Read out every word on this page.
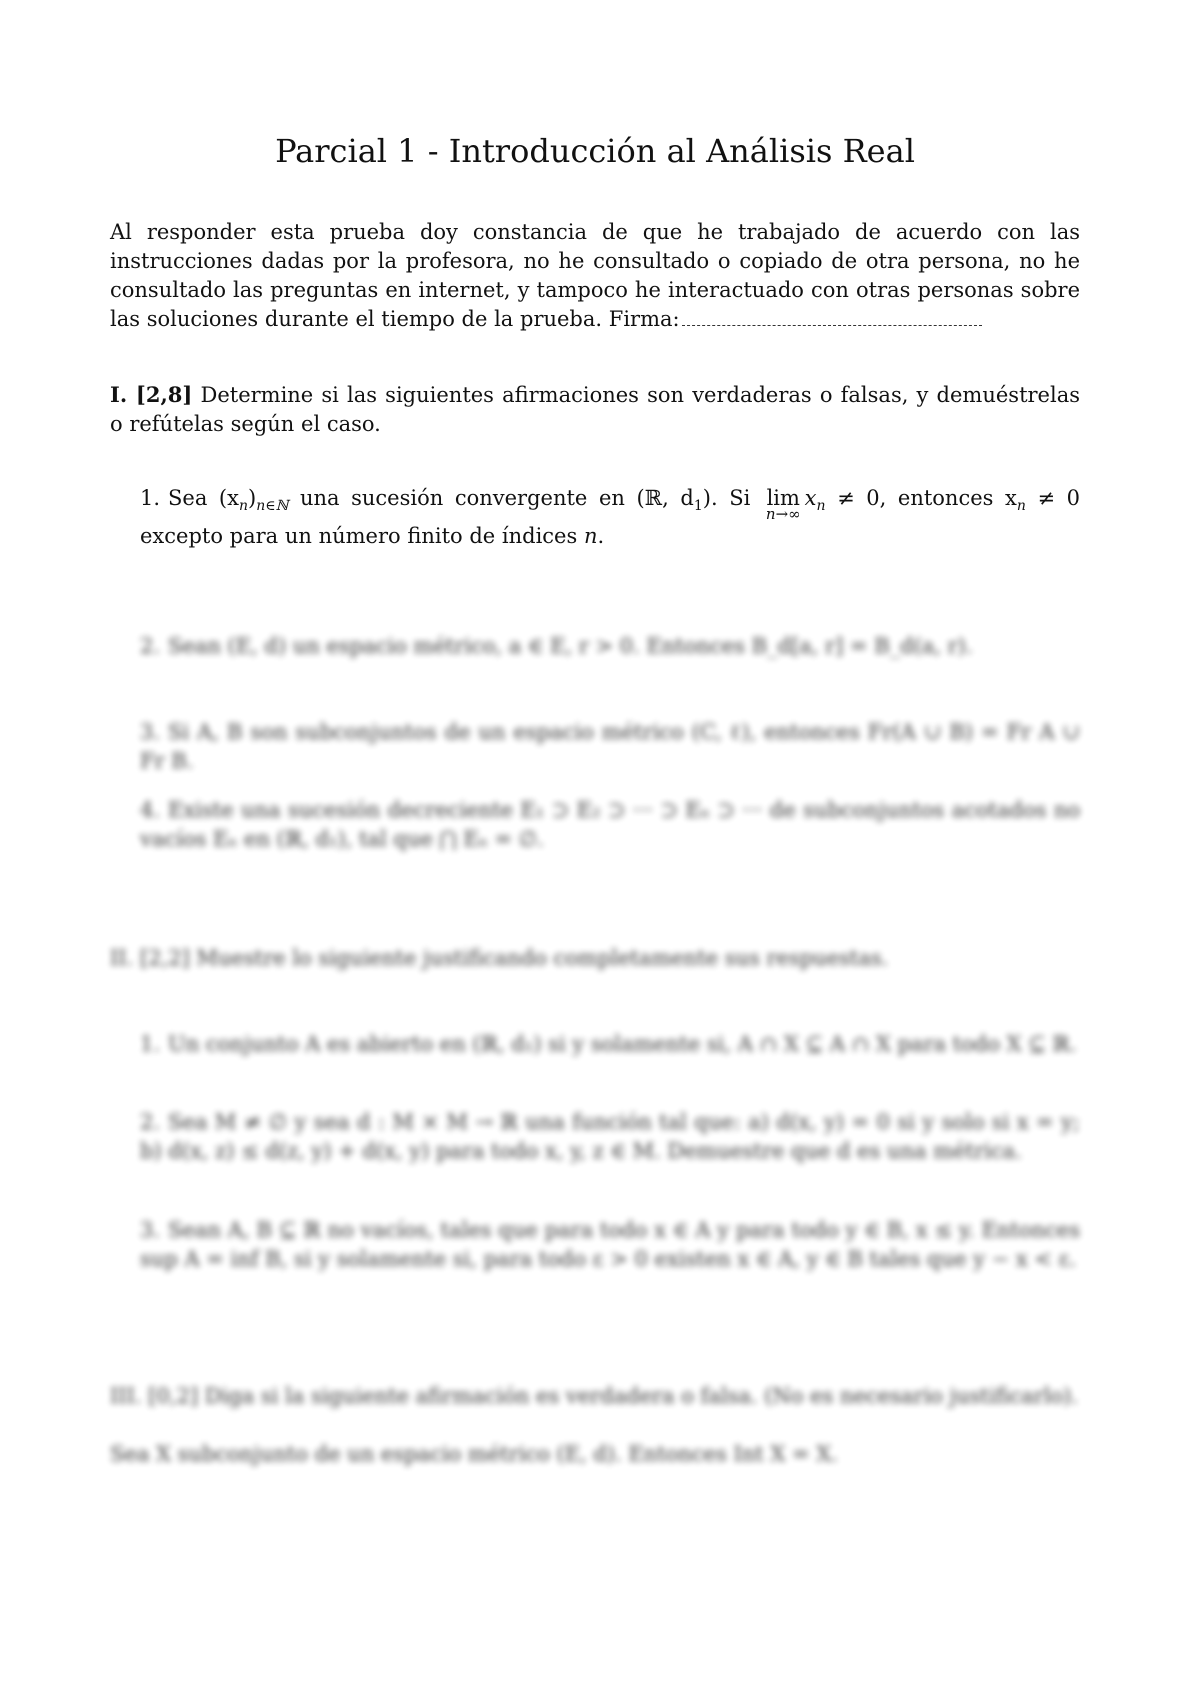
Parcial 1 - Introducción al Análisis Real

Al responder esta prueba doy constancia de que he trabajado de acuerdo con las instrucciones dadas por la profesora, no he consultado o copiado de otra persona, no he consultado las preguntas en internet, y tampoco he interactuado con otras personas sobre las soluciones durante el tiempo de la prueba. Firma:

I. [2,8] Determine si las siguientes afirmaciones son verdaderas o falsas, y demuéstrelas o refútelas según el caso.

1. Sea $(x_n)_{n\in ℕ}$ una sucesión convergente en (ℝ, $d_1$). Si lim
n→∞
$x_n \ne 0$, entonces $x_n \ne 0$ excepto para un número finito de índices n.

2. Sean (E, d) un espacio métrico, a ∈ E, r > 0. Entonces B_d[a, r] = B_d(a, r).

3. Si A, B son subconjuntos de un espacio métrico (C, ℓ), entonces Fr(A ∪ B) = Fr A ∪ Fr B.

4. Existe una sucesión decreciente E₁ ⊃ E₂ ⊃ ··· ⊃ Eₙ ⊃ ··· de subconjuntos acotados no vacíos Eₙ en (ℝ, d₁), tal que ⋂ Eₙ = ∅.

II. [2,2] Muestre lo siguiente justificando completamente sus respuestas.

1. Un conjunto A es abierto en (ℝ, d₁) si y solamente si, A ∩ X ⊆ A ∩ X para todo X ⊆ ℝ.

2. Sea M ≠ ∅ y sea d : M × M → ℝ una función tal que: a) d(x, y) = 0 si y solo si x = y; b) d(x, z) ≤ d(z, y) + d(x, y) para todo x, y, z ∈ M. Demuestre que d es una métrica.

3. Sean A, B ⊆ ℝ no vacíos, tales que para todo x ∈ A y para todo y ∈ B, x ≤ y. Entonces sup A = inf B, si y solamente si, para todo ε > 0 existen x ∈ A, y ∈ B tales que y − x < ε.

III. [0,2] Diga si la siguiente afirmación es verdadera o falsa. (No es necesario justificarlo).

Sea X subconjunto de un espacio métrico (E, d). Entonces Int X = X.
